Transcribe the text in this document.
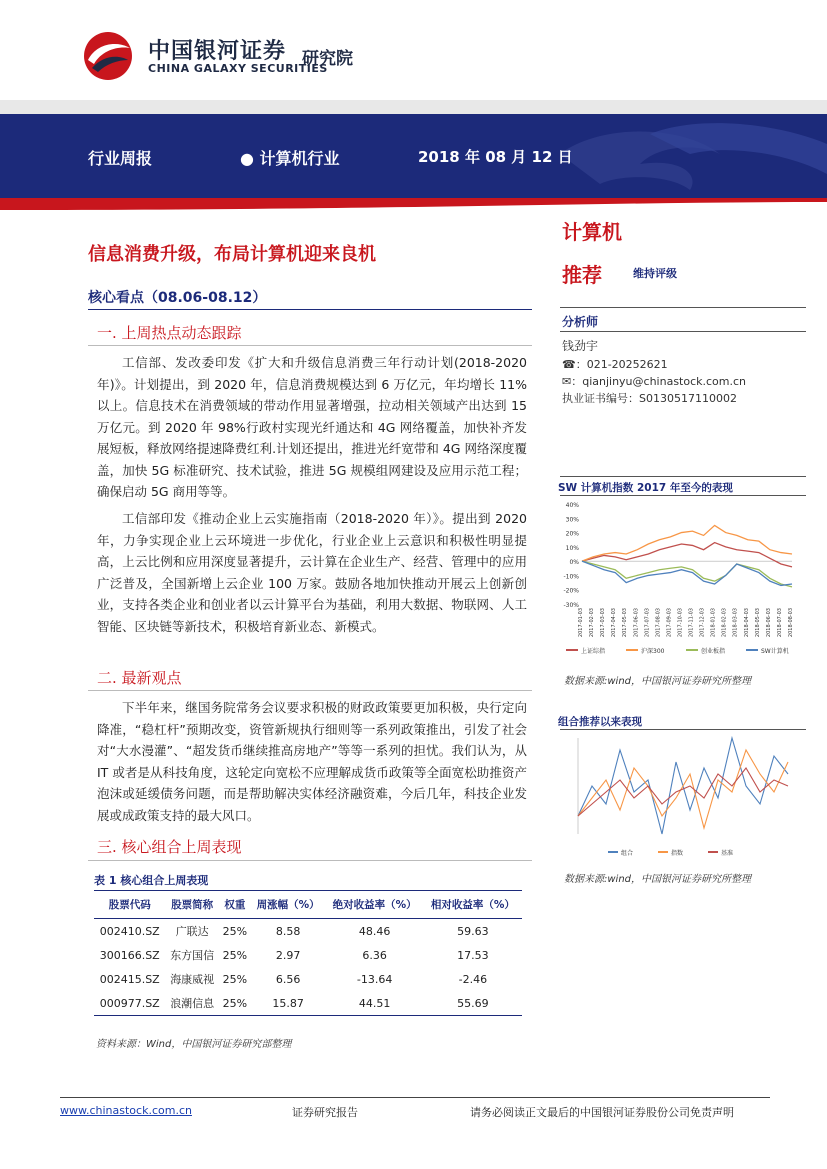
中国银河证券
CHINA GALAXY SECURITIES
研究院
行业周报	● 计算机行业	2018 年 08 月 12 日
信息消费升级，布局计算机迎来良机
核心看点（08.06-08.12）
一. 上周热点动态跟踪
工信部、发改委印发《扩大和升级信息消费三年行动计划(2018-2020 年)》。计划提出，到 2020 年，信息消费规模达到 6 万亿元，年均增长 11%以上。信息技术在消费领域的带动作用显著增强，拉动相关领域产出达到 15 万亿元。到 2020 年 98%行政村实现光纤通达和 4G 网络覆盖，加快补齐发展短板，释放网络提速降费红利.计划还提出，推进光纤宽带和 4G 网络深度覆盖，加快 5G 标准研究、技术试验，推进 5G 规模组网建设及应用示范工程；确保启动 5G 商用等等。
工信部印发《推动企业上云实施指南（2018-2020 年）》。提出到 2020 年，力争实现企业上云环境进一步优化，行业企业上云意识和积极性明显提高，上云比例和应用深度显著提升，云计算在企业生产、经营、管理中的应用广泛普及，全国新增上云企业 100 万家。鼓励各地加快推动开展云上创新创业，支持各类企业和创业者以云计算平台为基础，利用大数据、物联网、人工智能、区块链等新技术，积极培育新业态、新模式。
二. 最新观点
下半年来，继国务院常务会议要求积极的财政政策要更加积极，央行定向降准，“稳杠杆”预期改变，资管新规执行细则等一系列政策推出，引发了社会对“大水漫灌”、“超发货币继续推高房地产”等等一系列的担忧。我们认为，从 IT 或者是从科技角度，这轮定向宽松不应理解成货币政策等全面宽松助推资产泡沫或延缓债务问题，而是帮助解决实体经济融资难，今后几年，科技企业发展或成政策支持的最大风口。
三. 核心组合上周表现
表 1 核心组合上周表现
股票代码	股票简称	权重	周涨幅（%）	绝对收益率（%）	相对收益率（%）
002410.SZ	广联达	25%	8.58	48.46	59.63
300166.SZ	东方国信	25%	2.97	6.36	17.53
002415.SZ	海康威视	25%	6.56	-13.64	-2.46
000977.SZ	浪潮信息	25%	15.87	44.51	55.69
资料来源：Wind，中国银河证券研究部整理
计算机
推荐	维持评级
分析师
钱劲宇
☎：021-20252621
✉：qianjinyu@chinastock.com.cn
执业证书编号：S0130517110002
SW 计算机指数 2017 年至今的表现
40%
30%
20%
10%
0%
-10%
-20%
-30%
2017-01-03 2017-02-03 2017-03-03 2017-04-03 2017-05-03 2017-06-03 2017-07-03 2017-08-03 2017-09-03 2017-10-03 2017-11-03 2017-12-03 2018-01-03 2018-02-03 2018-03-03 2018-04-03 2018-05-03 2018-06-03 2018-07-03 2018-08-03
上证综指	沪深300	创业板指	SW计算机
数据来源:wind，中国银河证券研究所整理
组合推荐以来表现
组合	指数	基准
数据来源:wind，中国银河证券研究所整理
www.chinastock.com.cn	证券研究报告	请务必阅读正文最后的中国银河证券股份公司免责声明
